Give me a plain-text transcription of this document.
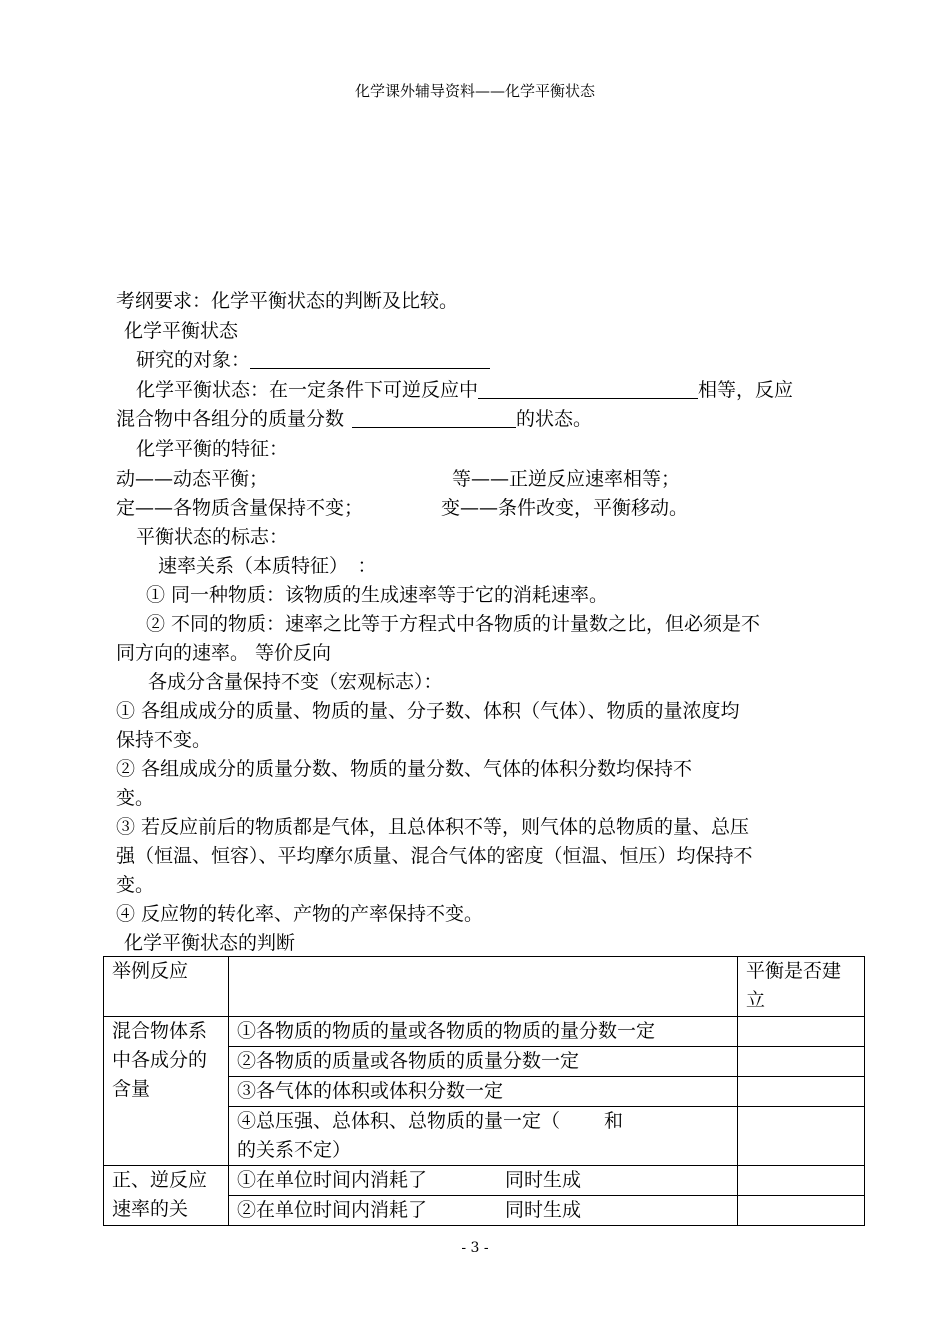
化学课外辅导资料——化学平衡状态
考纲要求：化学平衡状态的判断及比较。
化学平衡状态
研究的对象：
化学平衡状态：在一定条件下可逆反应中	相等，反应
混合物中各组分的质量分数	的状态。
化学平衡的特征：
动——动态平衡；	等——正逆反应速率相等；
定——各物质含量保持不变；	变——条件改变，平衡移动。
平衡状态的标志：
速率关系（本质特征）　：
① 同一种物质：该物质的生成速率等于它的消耗速率。
② 不同的物质：速率之比等于方程式中各物质的计量数之比，但必须是不
同方向的速率。 等价反向
各成分含量保持不变（宏观标志）：
① 各组成成分的质量、物质的量、分子数、体积（气体）、物质的量浓度均
保持不变。
② 各组成成分的质量分数、物质的量分数、气体的体积分数均保持不
变。
③ 若反应前后的物质都是气体，且总体积不等，则气体的总物质的量、总压
强（恒温、恒容）、平均摩尔质量、混合气体的密度（恒温、恒压）均保持不
变。
④ 反应物的转化率、产物的产率保持不变。
化学平衡状态的判断
举例反应		平衡是否建立
混合物体系中各成分的含量	①各物质的物质的量或各物质的物质的量分数一定	
	②各物质的质量或各物质的质量分数一定	
	③各气体的体积或体积分数一定	
	④总压强、总体积、总物质的量一定（ 和
的关系不定）	
正、逆反应速率的关	①在单位时间内消耗了 同时生成	
	②在单位时间内消耗了 同时生成	
- 3 -
